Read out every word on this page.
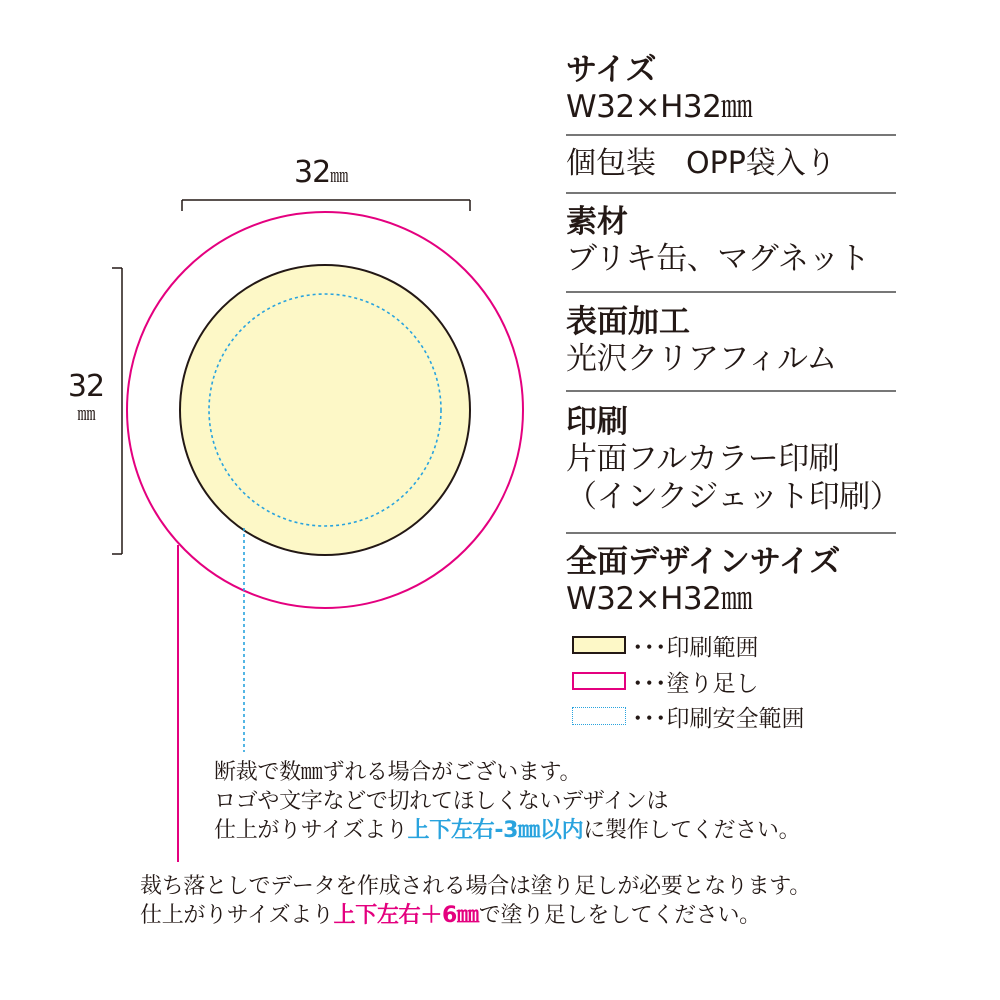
32㎜
32
㎜
サイズ
W32×H32㎜
個包装　OPP袋入り
素材
ブリキ缶、マグネット
表面加工
光沢クリアフィルム
印刷
片面フルカラー印刷
（インクジェット印刷）
全面デザインサイズ
W32×H32㎜
･･･印刷範囲
･･･塗り足し
･･･印刷安全範囲
断裁で数㎜ずれる場合がございます。
ロゴや文字などで切れてほしくないデザインは
仕上がりサイズより上下左右-3㎜以内に製作してください。
裁ち落としでデータを作成される場合は塗り足しが必要となります。
仕上がりサイズより上下左右＋6㎜で塗り足しをしてください。
